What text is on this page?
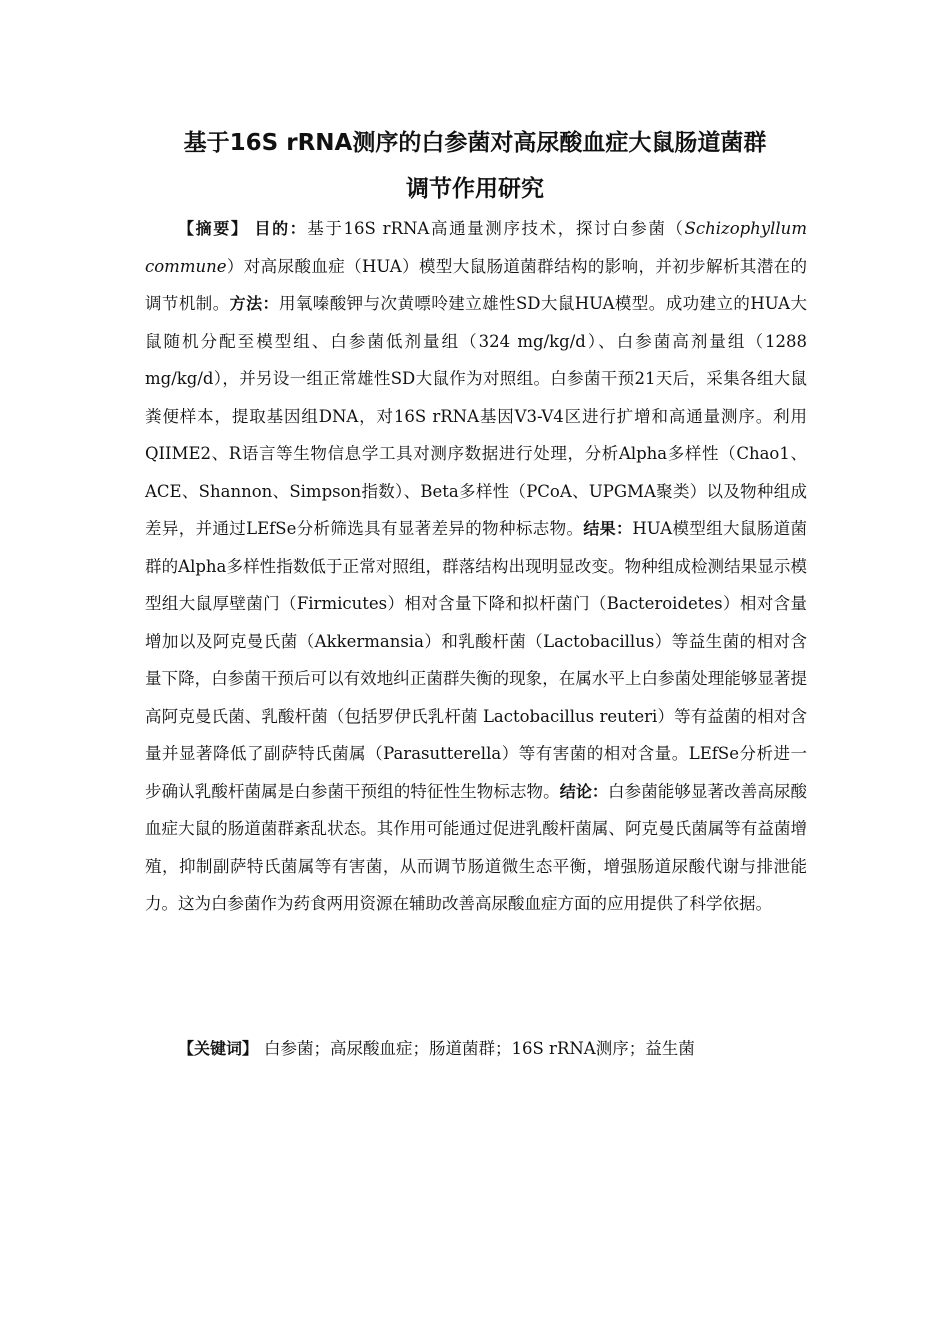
基于16S rRNA测序的白参菌对高尿酸血症大鼠肠道菌群
调节作用研究

【摘要】 目的：基于16S rRNA高通量测序技术，探讨白参菌（Schizophyllum commune）对高尿酸血症（HUA）模型大鼠肠道菌群结构的影响，并初步解析其潜在的调节机制。方法：用氧嗪酸钾与次黄嘌呤建立雄性SD大鼠HUA模型。成功建立的HUA大鼠随机分配至模型组、白参菌低剂量组（324 mg/kg/d）、白参菌高剂量组（1288 mg/kg/d），并另设一组正常雄性SD大鼠作为对照组。白参菌干预21天后，采集各组大鼠粪便样本，提取基因组DNA，对16S rRNA基因V3-V4区进行扩增和高通量测序。利用QIIME2、R语言等生物信息学工具对测序数据进行处理，分析Alpha多样性（Chao1、ACE、Shannon、Simpson指数）、Beta多样性（PCoA、UPGMA聚类）以及物种组成差异，并通过LEfSe分析筛选具有显著差异的物种标志物。结果：HUA模型组大鼠肠道菌群的Alpha多样性指数低于正常对照组，群落结构出现明显改变。物种组成检测结果显示模型组大鼠厚壁菌门（Firmicutes）相对含量下降和拟杆菌门（Bacteroidetes）相对含量增加以及阿克曼氏菌（Akkermansia）和乳酸杆菌（Lactobacillus）等益生菌的相对含量下降，白参菌干预后可以有效地纠正菌群失衡的现象，在属水平上白参菌处理能够显著提高阿克曼氏菌、乳酸杆菌（包括罗伊氏乳杆菌 Lactobacillus reuteri）等有益菌的相对含量并显著降低了副萨特氏菌属（Parasutterella）等有害菌的相对含量。LEfSe分析进一步确认乳酸杆菌属是白参菌干预组的特征性生物标志物。结论：白参菌能够显著改善高尿酸血症大鼠的肠道菌群紊乱状态。其作用可能通过促进乳酸杆菌属、阿克曼氏菌属等有益菌增殖，抑制副萨特氏菌属等有害菌，从而调节肠道微生态平衡，增强肠道尿酸代谢与排泄能力。这为白参菌作为药食两用资源在辅助改善高尿酸血症方面的应用提供了科学依据。

【关键词】 白参菌；高尿酸血症；肠道菌群；16S rRNA测序；益生菌
